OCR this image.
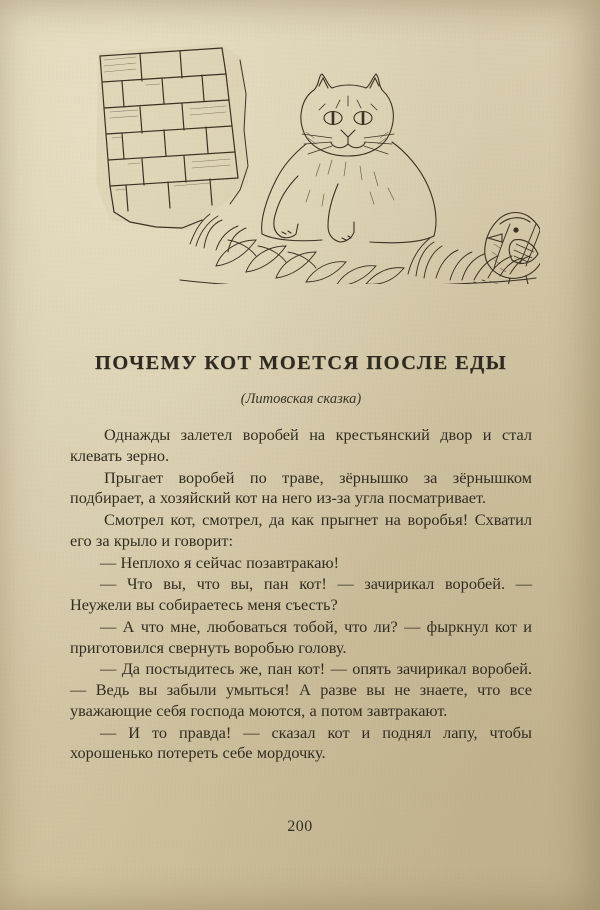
ПОЧЕМУ КОТ МОЕТСЯ ПОСЛЕ ЕДЫ
(Литовская сказка)

Однажды залетел воробей на крестьянский двор и стал клевать зерно.

Прыгает воробей по траве, зёрнышко за зёрнышком подбирает, а хозяйский кот на него из-за угла посматривает.

Смотрел кот, смотрел, да как прыгнет на воробья! Схватил его за крыло и говорит:

— Неплохо я сейчас позавтракаю!

— Что вы, что вы, пан кот! — зачирикал воробей. — Неужели вы собираетесь меня съесть?

— А что мне, любоваться тобой, что ли? — фыркнул кот и приготовился свернуть воробью голову.

— Да постыдитесь же, пан кот! — опять зачирикал воробей. — Ведь вы забыли умыться! А разве вы не знаете, что все уважающие себя господа моются, а потом завтракают.

— И то правда! — сказал кот и поднял лапу, чтобы хорошенько потереть себе мордочку.

200
